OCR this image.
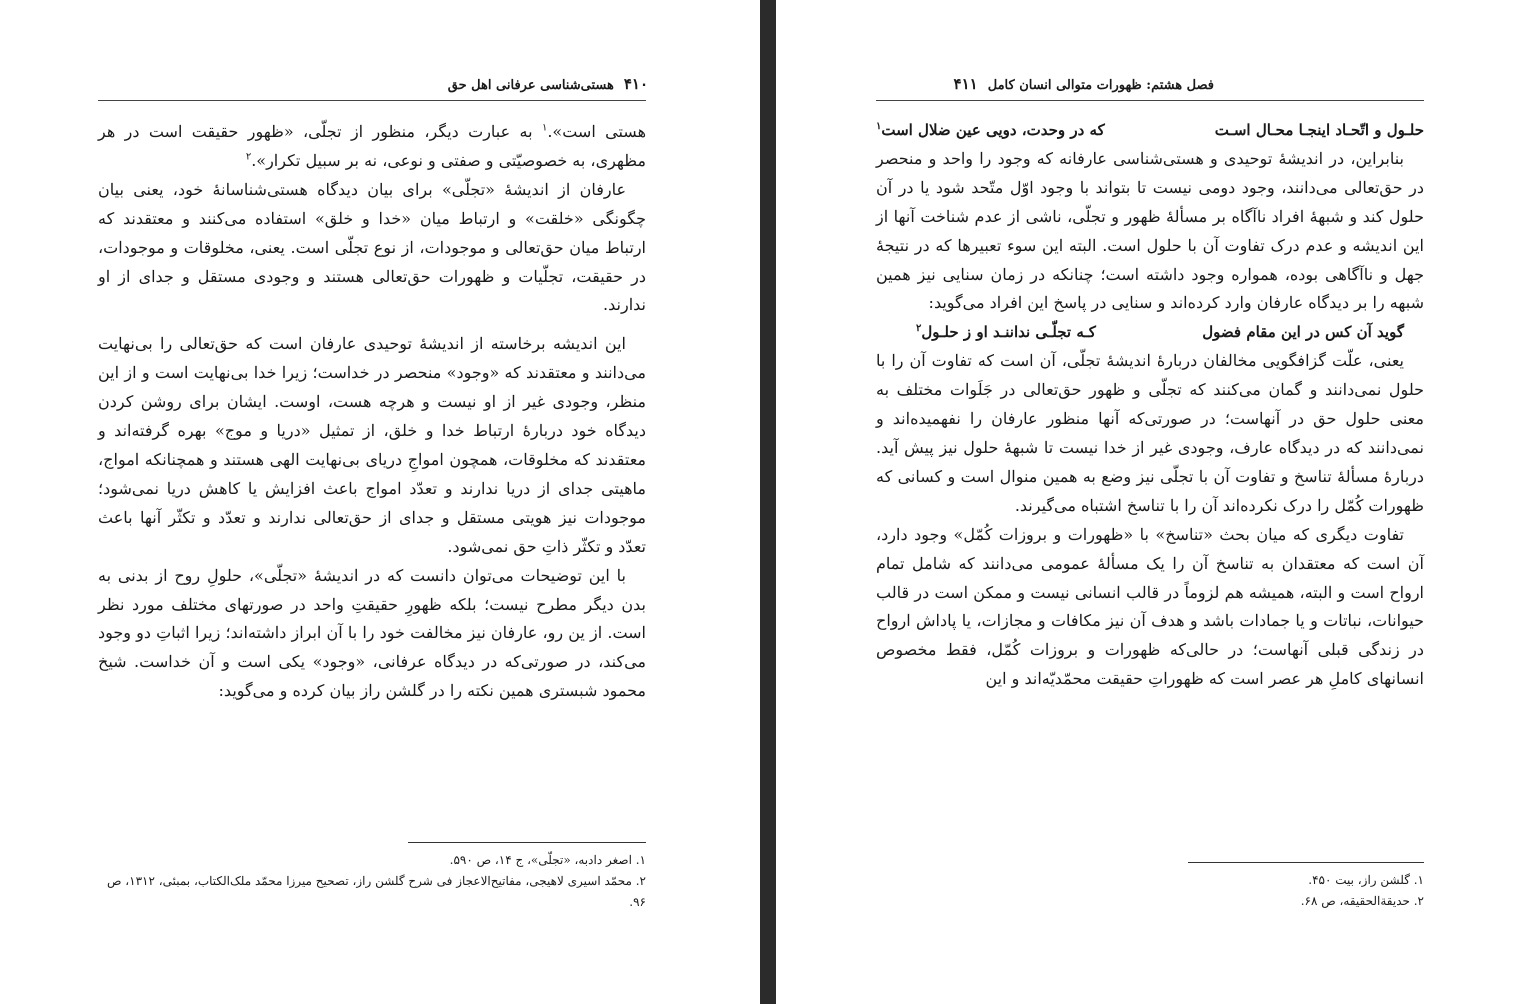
۴۱۰هستی‌شناسی عرفانی اهل حق

هستی است».$^۱$ به عبارت دیگر، منظور از تجلّی، «ظهور حقیقت است در هر مظهری، به خصوصیّتی و صفتی و نوعی، نه بر سبیل تکرار».$^۲$

عارفان از اندیشهٔ «تجلّی» برای بیان دیدگاه هستی‌شناسانهٔ خود، یعنی بیان چگونگی «خلقت» و ارتباط میان «خدا و خلق» استفاده می‌کنند و معتقدند که ارتباط میان حق‌تعالی و موجودات، از نوع تجلّی است. یعنی، مخلوقات و موجودات، در حقیقت، تجلّیات و ظهورات حق‌تعالی هستند و وجودی مستقل و جدای از او ندارند.

این اندیشه برخاسته از اندیشهٔ توحیدی عارفان است که حق‌تعالی را بی‌نهایت می‌دانند و معتقدند که «وجود» منحصر در خداست؛ زیرا خدا بی‌نهایت است و از این منظر، وجودی غیر از او نیست و هرچه هست، اوست. ایشان برای روشن کردن دیدگاه خود دربارهٔ ارتباط خدا و خلق، از تمثیل «دریا و موج» بهره گرفته‌اند و معتقدند که مخلوقات، همچون امواجِ دریای بی‌نهایت الهی هستند و همچنانکه امواج، ماهیتی جدای از دریا ندارند و تعدّد امواج باعث افزایش یا کاهش دریا نمی‌شود؛ موجودات نیز هویتی مستقل و جدای از حق‌تعالی ندارند و تعدّد و تکثّر آنها باعث تعدّد و تکثّر ذاتِ حق نمی‌شود.

با این توضیحات می‌توان دانست که در اندیشهٔ «تجلّی»، حلولِ روح از بدنی به بدن دیگر مطرح نیست؛ بلکه ظهورِ حقیقتِ واحد در صورتهای مختلف مورد نظر است. از ین رو، عارفان نیز مخالفت خود را با آن ابراز داشته‌اند؛ زیرا اثباتِ دو وجود می‌کند، در صورتی‌که در دیدگاه عرفانی، «وجود» یکی است و آن خداست. شیخ محمود شبستری همین نکته را در گلشن راز بیان کرده و می‌گوید:

۱. اصغر دادبه، «تجلّی»، ج ۱۴، ص ۵۹۰.

۲. محمّد اسیری لاهیجی، مفاتیح‌الاعجاز فی شرح گلشن راز، تصحیح میرزا محمّد ملک‌الکتاب، بمبئی، ۱۳۱۲، ص ۹۶.

فصل هشتم: ظهورات متوالی انسان کامل۴۱۱
حلـول و اتّحـاد اینجـا محـال اسـت
که در وحدت، دویی عین ضلال است$^۱$

بنابراین، در اندیشهٔ توحیدی و هستی‌شناسی عارفانه که وجود را واحد و منحصر در حق‌تعالی می‌دانند، وجود دومی نیست تا بتواند با وجود اوّل متّحد شود یا در آن حلول کند و شبههٔ افراد ناآگاه بر مسألهٔ ظهور و تجلّی، ناشی از عدم شناخت آنها از این اندیشه و عدم درک تفاوت آن با حلول است. البته این سوء تعبیرها که در نتیجهٔ جهل و ناآگاهی بوده، همواره وجود داشته است؛ چنانکه در زمان سنایی نیز همین شبهه را بر دیدگاه عارفان وارد کرده‌اند و سنایی در پاسخ این افراد می‌گوید:

گوید آن کس در این مقام فضول
کـه تجلّـی نداننـد او ز حلـول$^۲$

یعنی، علّت گزافگویی مخالفان دربارهٔ اندیشهٔ تجلّی، آن است که تفاوت آن را با حلول نمی‌دانند و گمان می‌کنند که تجلّی و ظهور حق‌تعالی در جَلَوات مختلف به معنی حلول حق در آنهاست؛ در صورتی‌که آنها منظور عارفان را نفهمیده‌اند و نمی‌دانند که در دیدگاه عارف، وجودی غیر از خدا نیست تا شبههٔ حلول نیز پیش آید. دربارهٔ مسألهٔ تناسخ و تفاوت آن با تجلّی نیز وضع به همین منوال است و کسانی که ظهورات کُمّل را درک نکرده‌اند آن را با تناسخ اشتباه می‌گیرند.

تفاوت دیگری که میان بحث «تناسخ» با «ظهورات و بروزات کُمّل» وجود دارد، آن است که معتقدان به تناسخ آن را یک مسألهٔ عمومی می‌دانند که شامل تمام ارواح است و البته، همیشه هم لزوماً در قالب انسانی نیست و ممکن است در قالب حیوانات، نباتات و یا جمادات باشد و هدف آن نیز مکافات و مجازات، یا پاداش ارواح در زندگی قبلی آنهاست؛ در حالی‌که ظهورات و بروزات کُمّل، فقط مخصوص انسانهای کاملِ هر عصر است که ظهوراتِ حقیقت محمّدیّه‌اند و این

۱. گلشن راز، بیت ۴۵۰.

۲. حدیقة‌الحقیقه، ص ۶۸.
